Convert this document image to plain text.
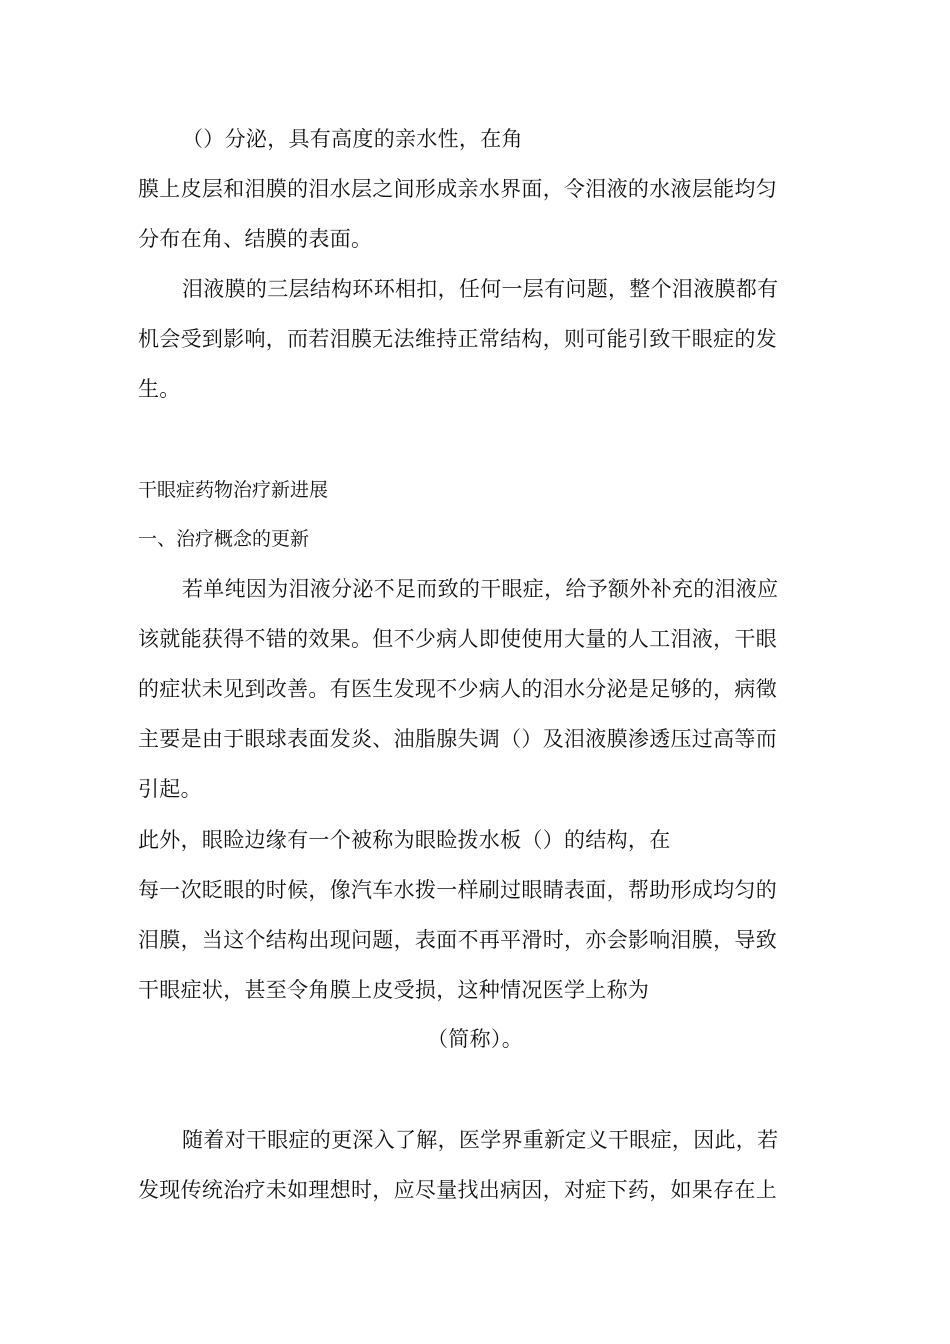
（）分泌，具有高度的亲水性，在角
膜上皮层和泪膜的泪水层之间形成亲水界面，令泪液的水液层能均匀
分布在角、结膜的表面。
泪液膜的三层结构环环相扣，任何一层有问题，整个泪液膜都有
机会受到影响，而若泪膜无法维持正常结构，则可能引致干眼症的发
生。
干眼症药物治疗新进展
一、治疗概念的更新
若单纯因为泪液分泌不足而致的干眼症，给予额外补充的泪液应
该就能获得不错的效果。但不少病人即使使用大量的人工泪液，干眼
的症状未见到改善。有医生发现不少病人的泪水分泌是足够的，病徵
主要是由于眼球表面发炎、油脂腺失调（）及泪液膜渗透压过高等而
引起。
此外，眼睑边缘有一个被称为眼睑拨水板（）的结构，在
每一次眨眼的时候，像汽车水拨一样刷过眼睛表面，帮助形成均匀的
泪膜，当这个结构出现问题，表面不再平滑时，亦会影响泪膜，导致
干眼症状，甚至令角膜上皮受损，这种情况医学上称为
（简称）。
随着对干眼症的更深入了解，医学界重新定义干眼症，因此，若
发现传统治疗未如理想时，应尽量找出病因，对症下药，如果存在上
